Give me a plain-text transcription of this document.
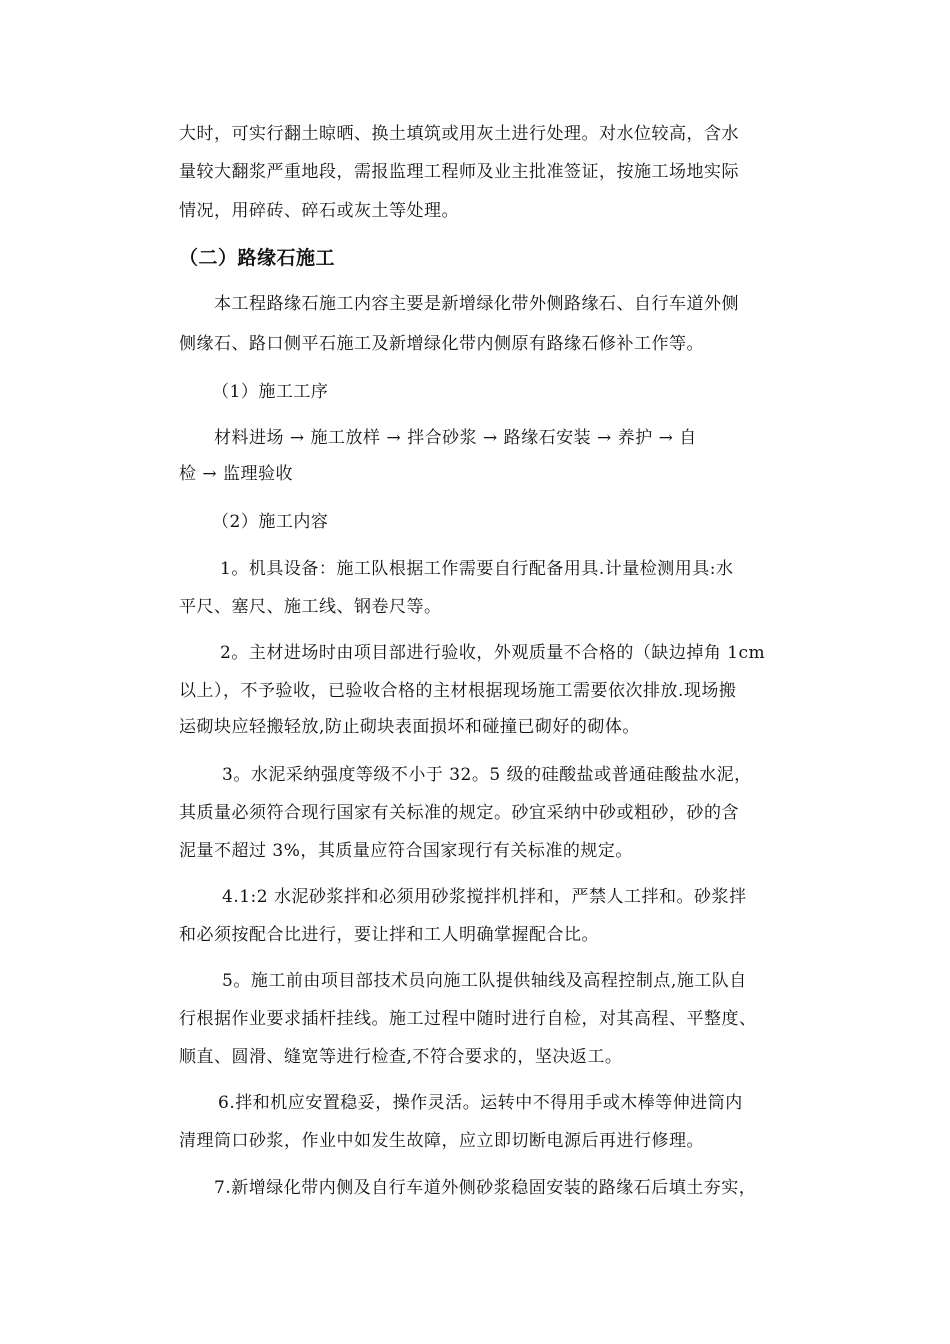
大时，可实行翻土晾晒、换土填筑或用灰土进行处理。对水位较高，含水
量较大翻浆严重地段，需报监理工程师及业主批准签证，按施工场地实际
情况，用碎砖、碎石或灰土等处理。
（二）路缘石施工
本工程路缘石施工内容主要是新增绿化带外侧路缘石、自行车道外侧
侧缘石、路口侧平石施工及新增绿化带内侧原有路缘石修补工作等。
（1）施工工序
材料进场 → 施工放样 → 拌合砂浆 → 路缘石安装 → 养护 → 自
检 → 监理验收
（2）施工内容
1。机具设备：施工队根据工作需要自行配备用具.计量检测用具:水
平尺、塞尺、施工线、钢卷尺等。
2。主材进场时由项目部进行验收，外观质量不合格的（缺边掉角 1cm
以上），不予验收，已验收合格的主材根据现场施工需要依次排放.现场搬
运砌块应轻搬轻放,防止砌块表面损坏和碰撞已砌好的砌体。
3。水泥采纳强度等级不小于 32。5 级的硅酸盐或普通硅酸盐水泥，
其质量必须符合现行国家有关标准的规定。砂宜采纳中砂或粗砂，砂的含
泥量不超过 3%，其质量应符合国家现行有关标准的规定。
4.1:2 水泥砂浆拌和必须用砂浆搅拌机拌和，严禁人工拌和。砂浆拌
和必须按配合比进行，要让拌和工人明确掌握配合比。
5。施工前由项目部技术员向施工队提供轴线及高程控制点,施工队自
行根据作业要求插杆挂线。施工过程中随时进行自检，对其高程、平整度、
顺直、圆滑、缝宽等进行检查,不符合要求的，坚决返工。
6.拌和机应安置稳妥，操作灵活。运转中不得用手或木棒等伸进筒内
清理筒口砂浆，作业中如发生故障，应立即切断电源后再进行修理。
7.新增绿化带内侧及自行车道外侧砂浆稳固安装的路缘石后填土夯实，
